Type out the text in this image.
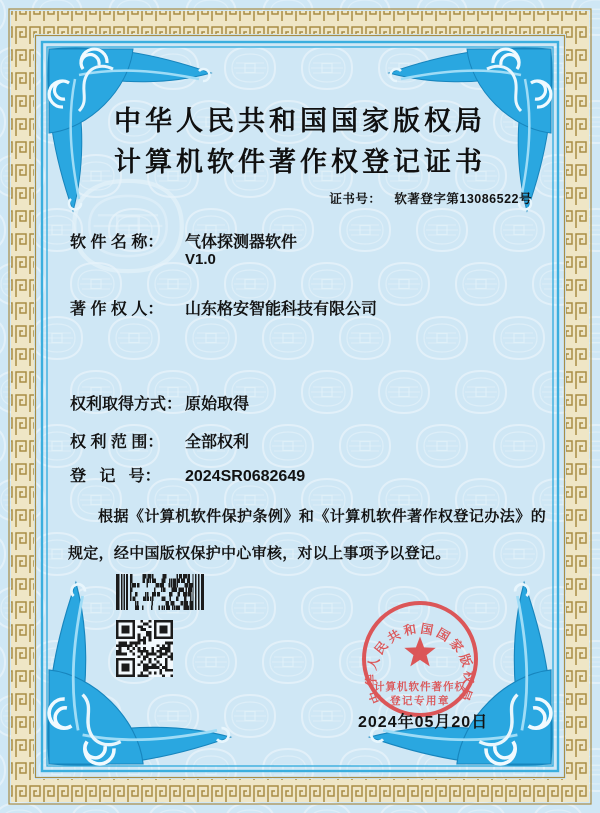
中华人民共和国国家版权局
计算机软件著作权登记证书
证书号： 软著登字第13086522号
软 件 名 称： 气体探测器软件
V1.0
著 作 权 人： 山东格安智能科技有限公司
权利取得方式： 原始取得
权 利 范 围： 全部权利
登   记   号： 2024SR0682649
根据《计算机软件保护条例》和《计算机软件著作权登记办法》的规定，经中国版权保护中心审核，对以上事项予以登记。
中华人民共和国国家版权局
计算机软件著作权
登记专用章
2024年05月20日
